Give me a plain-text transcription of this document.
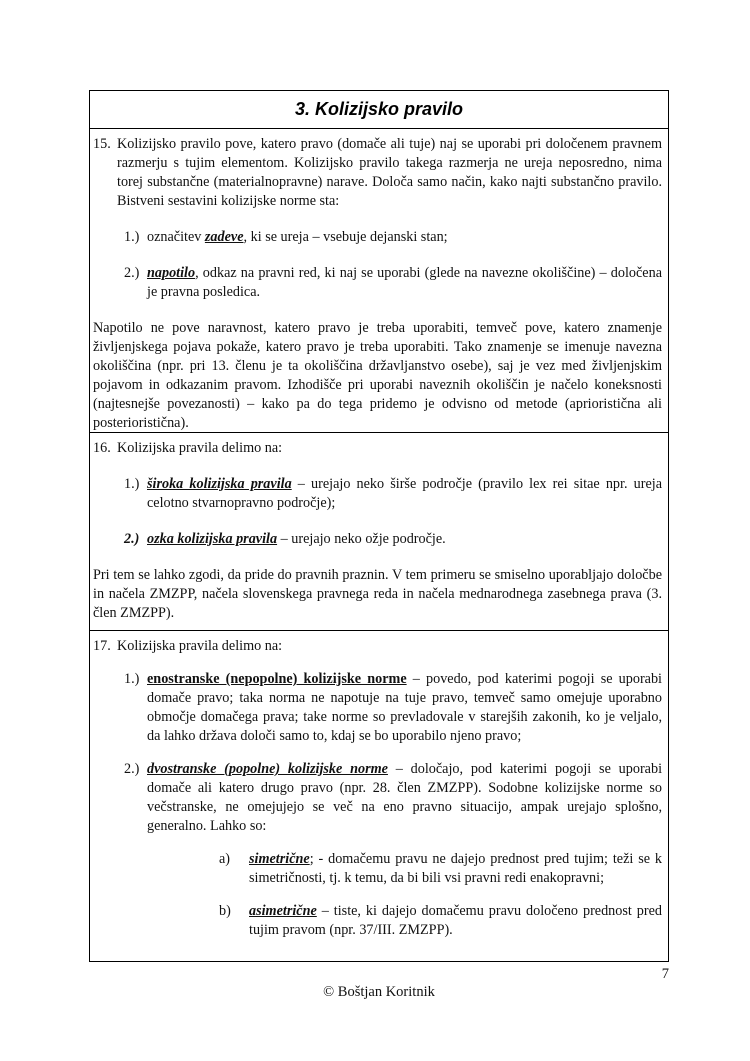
3. Kolizijsko pravilo
15. Kolizijsko pravilo pove, katero pravo (domače ali tuje) naj se uporabi pri določenem pravnem razmerju s tujim elementom. Kolizijsko pravilo takega razmerja ne ureja neposredno, nima torej substančne (materialnopravne) narave. Določa samo način, kako najti substančno pravilo. Bistveni sestavini kolizijske norme sta:
1.) označitev zadeve, ki se ureja – vsebuje dejanski stan;
2.) napotilo, odkaz na pravni red, ki naj se uporabi (glede na navezne okoliščine) – določena je pravna posledica.
Napotilo ne pove naravnost, katero pravo je treba uporabiti, temveč pove, katero znamenje življenjskega pojava pokaže, katero pravo je treba uporabiti. Tako znamenje se imenuje navezna okoliščina (npr. pri 13. členu je ta okoliščina državljanstvo osebe), saj je vez med življenjskim pojavom in odkazanim pravom. Izhodišče pri uporabi naveznih okoliščin je načelo koneksnosti (najtesnejše povezanosti) – kako pa do tega pridemo je odvisno od metode (aprioristična ali posterioristična).
16. Kolizijska pravila delimo na:
1.) široka kolizijska pravila – urejajo neko širše področje (pravilo lex rei sitae npr. ureja celotno stvarnopravno področje);
2.) ozka kolizijska pravila – urejajo neko ožje področje.
Pri tem se lahko zgodi, da pride do pravnih praznin. V tem primeru se smiselno uporabljajo določbe in načela ZMZPP, načela slovenskega pravnega reda in načela mednarodnega zasebnega prava (3. člen ZMZPP).
17. Kolizijska pravila delimo na:
1.) enostranske (nepopolne) kolizijske norme – povedo, pod katerimi pogoji se uporabi domače pravo; taka norma ne napotuje na tuje pravo, temveč samo omejuje uporabno območje domačega prava; take norme so prevladovale v starejših zakonih, ko je veljalo, da lahko država določi samo to, kdaj se bo uporabilo njeno pravo;
2.) dvostranske (popolne) kolizijske norme – določajo, pod katerimi pogoji se uporabi domače ali katero drugo pravo (npr. 28. člen ZMZPP). Sodobne kolizijske norme so večstranske, ne omejujejo se več na eno pravno situacijo, ampak urejajo splošno, generalno. Lahko so:
a) simetrične; - domačemu pravu ne dajejo prednost pred tujim; teži se k simetričnosti, tj. k temu, da bi bili vsi pravni redi enakopravni;
b) asimetrične – tiste, ki dajejo domačemu pravu določeno prednost pred tujim pravom (npr. 37/III. ZMZPP).
7
© Boštjan Koritnik
